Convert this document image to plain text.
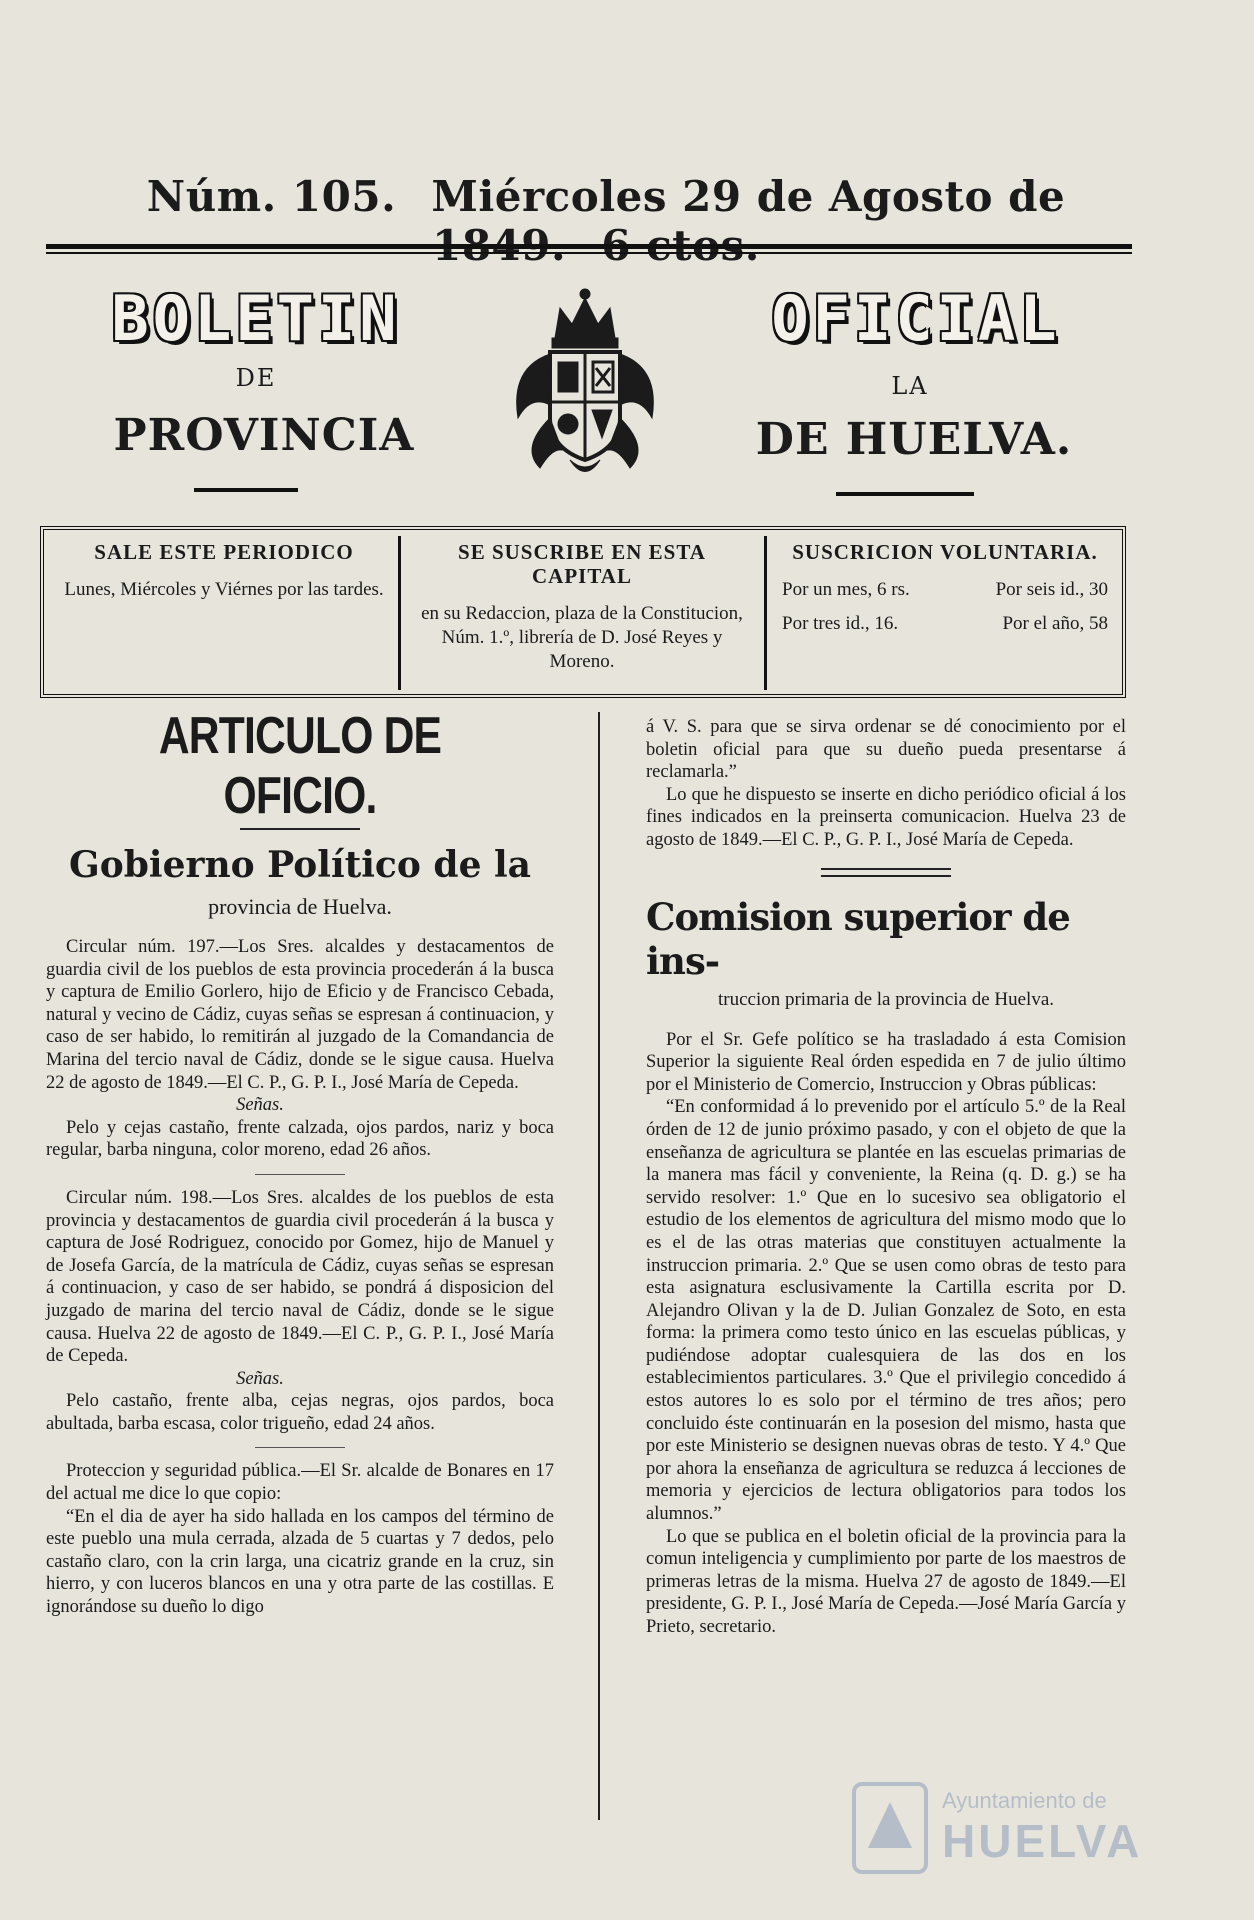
Núm. 105. Miércoles 29 de Agosto de
BOLETIN	OFICIAL
DE	LA
PROVINCIA	DE HUELVA.
SALE ESTE PERIODICO
Lunes, Miércoles y Viérnes por las tardes.
SE SUSCRIBE EN ESTA CAPITAL
en su Redaccion, plaza de la Constitucion, Núm. 1.º, librería de D. José Reyes y Moreno.
SUSCRICION VOLUNTARIA.
Por un mes, 6 rs.	Por seis id., 30
Por tres id., 16.	Por el año, 58
ARTICULO DE OFICIO.
Gobierno Político de la
provincia de Huelva.

Circular núm. 197.—Los Sres. alcaldes y destacamentos de guardia civil de los pueblos de esta provincia procederán á la busca y captura de Emilio Gorlero, hijo de Eficio y de Francisco Cebada, natural y vecino de Cádiz, cuyas señas se espresan á continuacion, y caso de ser habido, lo remitirán al juzgado de la Comandancia de Marina del tercio naval de Cádiz, donde se le sigue causa. Huelva 22 de agosto de 1849.—El C. P., G. P. I., José María de Cepeda.

Señas.

Pelo y cejas castaño, frente calzada, ojos pardos, nariz y boca regular, barba ninguna, color moreno, edad 26 años.

Circular núm. 198.—Los Sres. alcaldes de los pueblos de esta provincia y destacamentos de guardia civil procederán á la busca y captura de José Rodriguez, conocido por Gomez, hijo de Manuel y de Josefa García, de la matrícula de Cádiz, cuyas señas se espresan á continuacion, y caso de ser habido, se pondrá á disposicion del juzgado de marina del tercio naval de Cádiz, donde se le sigue causa. Huelva 22 de agosto de 1849.—El C. P., G. P. I., José María de Cepeda.

Señas.

Pelo castaño, frente alba, cejas negras, ojos pardos, boca abultada, barba escasa, color trigueño, edad 24 años.

Proteccion y seguridad pública.—El Sr. alcalde de Bonares en 17 del actual me dice lo que copio:

“En el dia de ayer ha sido hallada en los campos del término de este pueblo una mula cerrada, alzada de 5 cuartas y 7 dedos, pelo castaño claro, con la crin larga, una cicatriz grande en la cruz, sin hierro, y con luceros blancos en una y otra parte de las costillas. E ignorándose su dueño lo digo

á V. S. para que se sirva ordenar se dé conocimiento por el boletin oficial para que su dueño pueda presentarse á reclamarla.”

Lo que he dispuesto se inserte en dicho periódico oficial á los fines indicados en la preinserta comunicacion. Huelva 23 de agosto de 1849.—El C. P., G. P. I., José María de Cepeda.

Comision superior de ins-
truccion primaria de la provincia de Huelva.

Por el Sr. Gefe político se ha trasladado á esta Comision Superior la siguiente Real órden espedida en 7 de julio último por el Ministerio de Comercio, Instruccion y Obras públicas:

“En conformidad á lo prevenido por el artículo 5.º de la Real órden de 12 de junio próximo pasado, y con el objeto de que la enseñanza de agricultura se plantée en las escuelas primarias de la manera mas fácil y conveniente, la Reina (q. D. g.) se ha servido resolver: 1.º Que en lo sucesivo sea obligatorio el estudio de los elementos de agricultura del mismo modo que lo es el de las otras materias que constituyen actualmente la instruccion primaria. 2.º Que se usen como obras de testo para esta asignatura esclusivamente la Cartilla escrita por D. Alejandro Olivan y la de D. Julian Gonzalez de Soto, en esta forma: la primera como testo único en las escuelas públicas, y pudiéndose adoptar cualesquiera de las dos en los establecimientos particulares. 3.º Que el privilegio concedido á estos autores lo es solo por el término de tres años; pero concluido éste continuarán en la posesion del mismo, hasta que por este Ministerio se designen nuevas obras de testo. Y 4.º Que por ahora la enseñanza de agricultura se reduzca á lecciones de memoria y ejercicios de lectura obligatorios para todos los alumnos.”

Lo que se publica en el boletin oficial de la provincia para la comun inteligencia y cumplimiento por parte de los maestros de primeras letras de la misma. Huelva 27 de agosto de 1849.—El presidente, G. P. I., José María de Cepeda.—José María García y Prieto, secretario.

Ayuntamiento de
HUELVA
